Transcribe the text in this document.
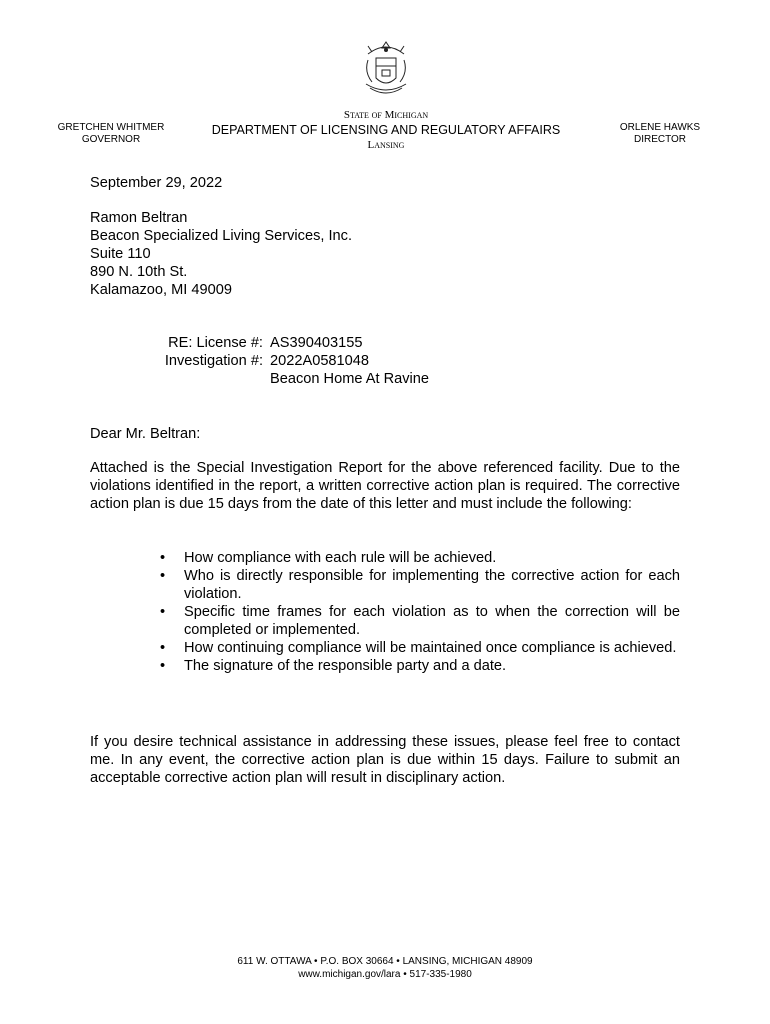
GRETCHEN WHITMER
GOVERNOR
State of Michigan
DEPARTMENT OF LICENSING AND REGULATORY AFFAIRS
Lansing
ORLENE HAWKS
DIRECTOR
September 29, 2022
Ramon Beltran
Beacon Specialized Living Services, Inc.
Suite 110
890 N. 10th St.
Kalamazoo, MI 49009
RE: License #: AS390403155
Investigation #: 2022A0581048
Beacon Home At Ravine
Dear Mr. Beltran:
Attached is the Special Investigation Report for the above referenced facility. Due to the violations identified in the report, a written corrective action plan is required. The corrective action plan is due 15 days from the date of this letter and must include the following:
• How compliance with each rule will be achieved.
• Who is directly responsible for implementing the corrective action for each violation.
• Specific time frames for each violation as to when the correction will be completed or implemented.
• How continuing compliance will be maintained once compliance is achieved.
• The signature of the responsible party and a date.
If you desire technical assistance in addressing these issues, please feel free to contact me. In any event, the corrective action plan is due within 15 days. Failure to submit an acceptable corrective action plan will result in disciplinary action.
611 W. OTTAWA • P.O. BOX 30664 • LANSING, MICHIGAN 48909
www.michigan.gov/lara • 517-335-1980
